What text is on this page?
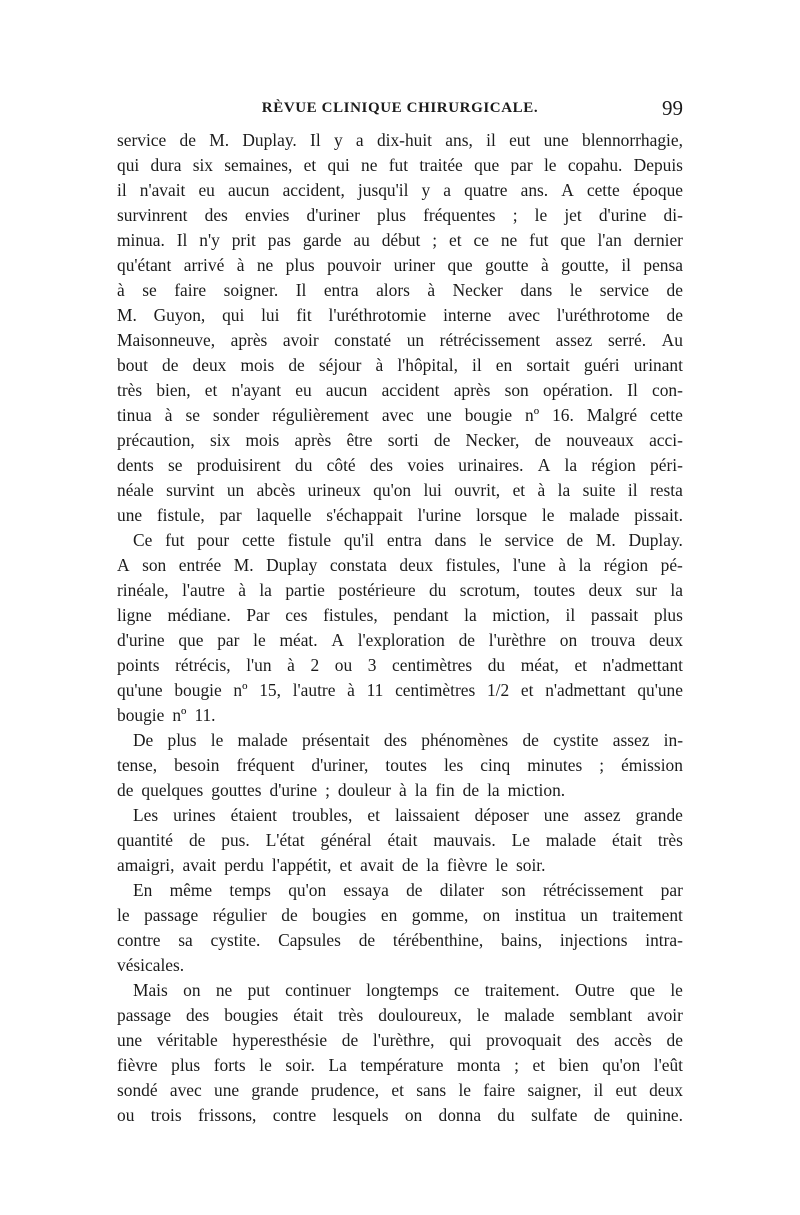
RÈVUE CLINIQUE CHIRURGICALE.	99
service de M. Duplay. Il y a dix-huit ans, il eut une blennorrhagie,
qui dura six semaines, et qui ne fut traitée que par le copahu. Depuis
il n'avait eu aucun accident, jusqu'il y a quatre ans. A cette époque
survinrent des envies d'uriner plus fréquentes ; le jet d'urine di-
minua. Il n'y prit pas garde au début ; et ce ne fut que l'an dernier
qu'étant arrivé à ne plus pouvoir uriner que goutte à goutte, il pensa
à se faire soigner. Il entra alors à Necker dans le service de
M. Guyon, qui lui fit l'uréthrotomie interne avec l'uréthrotome de
Maisonneuve, après avoir constaté un rétrécissement assez serré. Au
bout de deux mois de séjour à l'hôpital, il en sortait guéri urinant
très bien, et n'ayant eu aucun accident après son opération. Il con-
tinua à se sonder régulièrement avec une bougie nº 16. Malgré cette
précaution, six mois après être sorti de Necker, de nouveaux acci-
dents se produisirent du côté des voies urinaires. A la région péri-
néale survint un abcès urineux qu'on lui ouvrit, et à la suite il resta
une fistule, par laquelle s'échappait l'urine lorsque le malade pissait.
Ce fut pour cette fistule qu'il entra dans le service de M. Duplay.
A son entrée M. Duplay constata deux fistules, l'une à la région pé-
rinéale, l'autre à la partie postérieure du scrotum, toutes deux sur la
ligne médiane. Par ces fistules, pendant la miction, il passait plus
d'urine que par le méat. A l'exploration de l'urèthre on trouva deux
points rétrécis, l'un à 2 ou 3 centimètres du méat, et n'admettant
qu'une bougie nº 15, l'autre à 11 centimètres 1/2 et n'admettant qu'une
bougie nº 11.
De plus le malade présentait des phénomènes de cystite assez in-
tense, besoin fréquent d'uriner, toutes les cinq minutes ; émission
de quelques gouttes d'urine ; douleur à la fin de la miction.
Les urines étaient troubles, et laissaient déposer une assez grande
quantité de pus. L'état général était mauvais. Le malade était très
amaigri, avait perdu l'appétit, et avait de la fièvre le soir.
En même temps qu'on essaya de dilater son rétrécissement par
le passage régulier de bougies en gomme, on institua un traitement
contre sa cystite. Capsules de térébenthine, bains, injections intra-
vésicales.
Mais on ne put continuer longtemps ce traitement. Outre que le
passage des bougies était très douloureux, le malade semblant avoir
une véritable hyperesthésie de l'urèthre, qui provoquait des accès de
fièvre plus forts le soir. La température monta ; et bien qu'on l'eût
sondé avec une grande prudence, et sans le faire saigner, il eut deux
ou trois frissons, contre lesquels on donna du sulfate de quinine.
